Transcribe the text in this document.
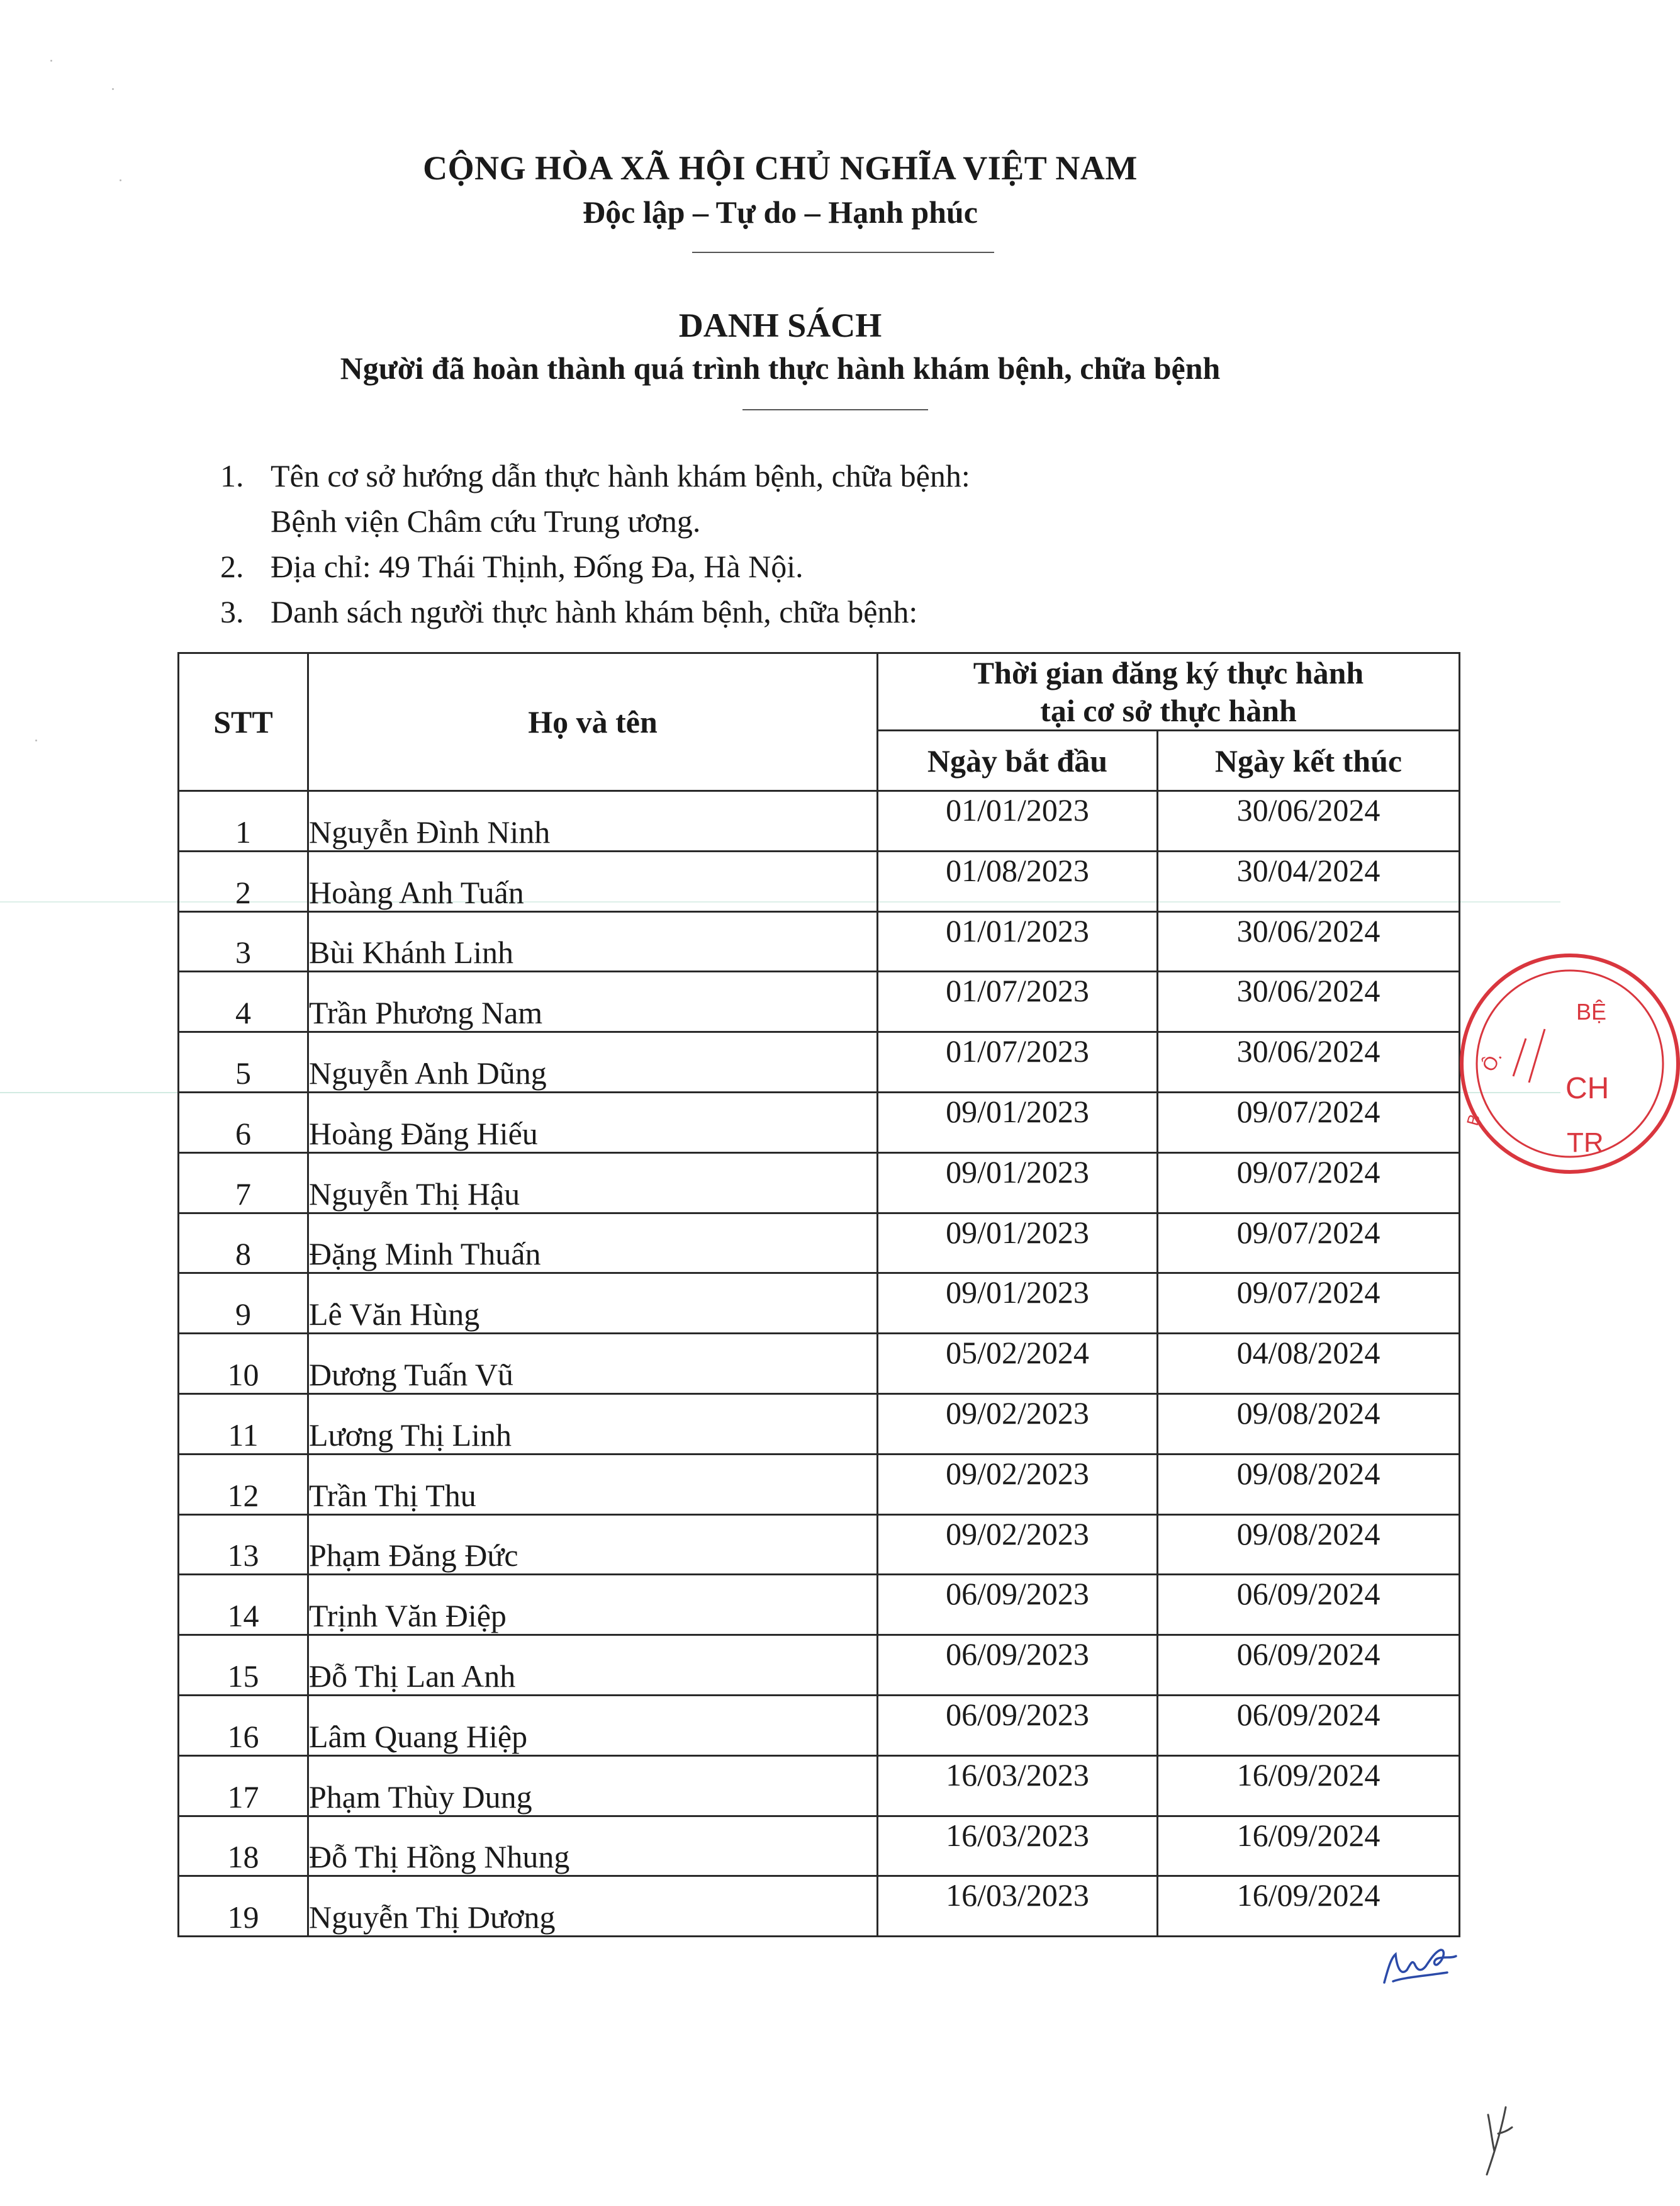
CỘNG HÒA XÃ HỘI CHỦ NGHĨA VIỆT NAM
Độc lập – Tự do – Hạnh phúc
DANH SÁCH
Người đã hoàn thành quá trình thực hành khám bệnh, chữa bệnh
1. Tên cơ sở hướng dẫn thực hành khám bệnh, chữa bệnh:
Bệnh viện Châm cứu Trung ương.
2. Địa chỉ: 49 Thái Thịnh, Đống Đa, Hà Nội.
3. Danh sách người thực hành khám bệnh, chữa bệnh:
STT	Họ và tên	Thời gian đăng ký thực hành
tại cơ sở thực hành	

		Ngày bắt đầu	Ngày kết thúc
1	Nguyễn Đình Ninh	01/01/2023	30/06/2024
2	Hoàng Anh Tuấn	01/08/2023	30/04/2024
3	Bùi Khánh Linh	01/01/2023	30/06/2024
4	Trần Phương Nam	01/07/2023	30/06/2024
5	Nguyễn Anh Dũng	01/07/2023	30/06/2024
6	Hoàng Đăng Hiếu	09/01/2023	09/07/2024
7	Nguyễn Thị Hậu	09/01/2023	09/07/2024
8	Đặng Minh Thuấn	09/01/2023	09/07/2024
9	Lê Văn Hùng	09/01/2023	09/07/2024
10	Dương Tuấn Vũ	05/02/2024	04/08/2024
11	Lương Thị Linh	09/02/2023	09/08/2024
12	Trần Thị Thu	09/02/2023	09/08/2024
13	Phạm Đăng Đức	09/02/2023	09/08/2024
14	Trịnh Văn Điệp	06/09/2023	06/09/2024
15	Đỗ Thị Lan Anh	06/09/2023	06/09/2024
16	Lâm Quang Hiệp	06/09/2023	06/09/2024
17	Phạm Thùy Dung	16/03/2023	16/09/2024
18	Đỗ Thị Hồng Nhung	16/03/2023	16/09/2024
19	Nguyễn Thị Dương	16/03/2023	16/09/2024
BỆ
CH
TR
Ô.
B
